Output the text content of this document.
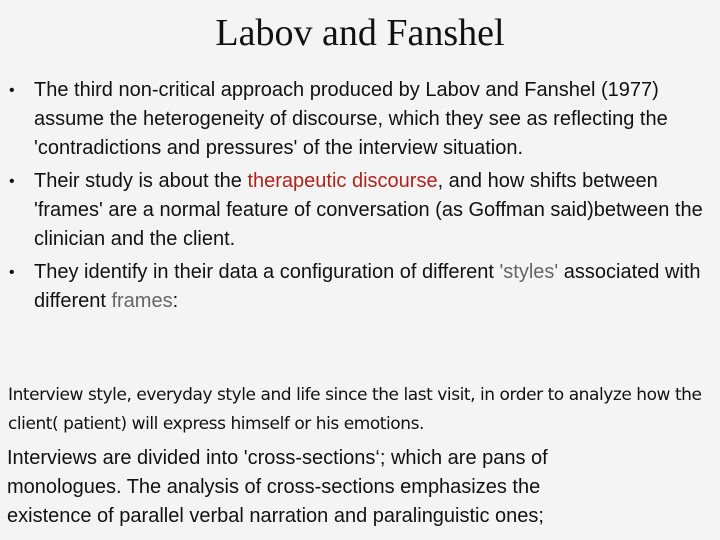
Labov and Fanshel
• The third non-critical approach produced by Labov and Fanshel (1977) assume the heterogeneity of discourse, which they see as reflecting the 'contradictions and pressures' of the interview situation.
• Their study is about the therapeutic discourse, and how shifts between 'frames' are a normal feature of conversation (as Goffman said)between the clinician and the client.
• They identify in their data a configuration of different 'styles' associated with different frames:

Interview style, everyday style and life since the last visit, in order to analyze how the client( patient) will express himself or his emotions.

Interviews are divided into 'cross-sections‘; which are pans of
monologues. The analysis of cross-sections emphasizes the
existence of parallel verbal narration and paralinguistic ones;
